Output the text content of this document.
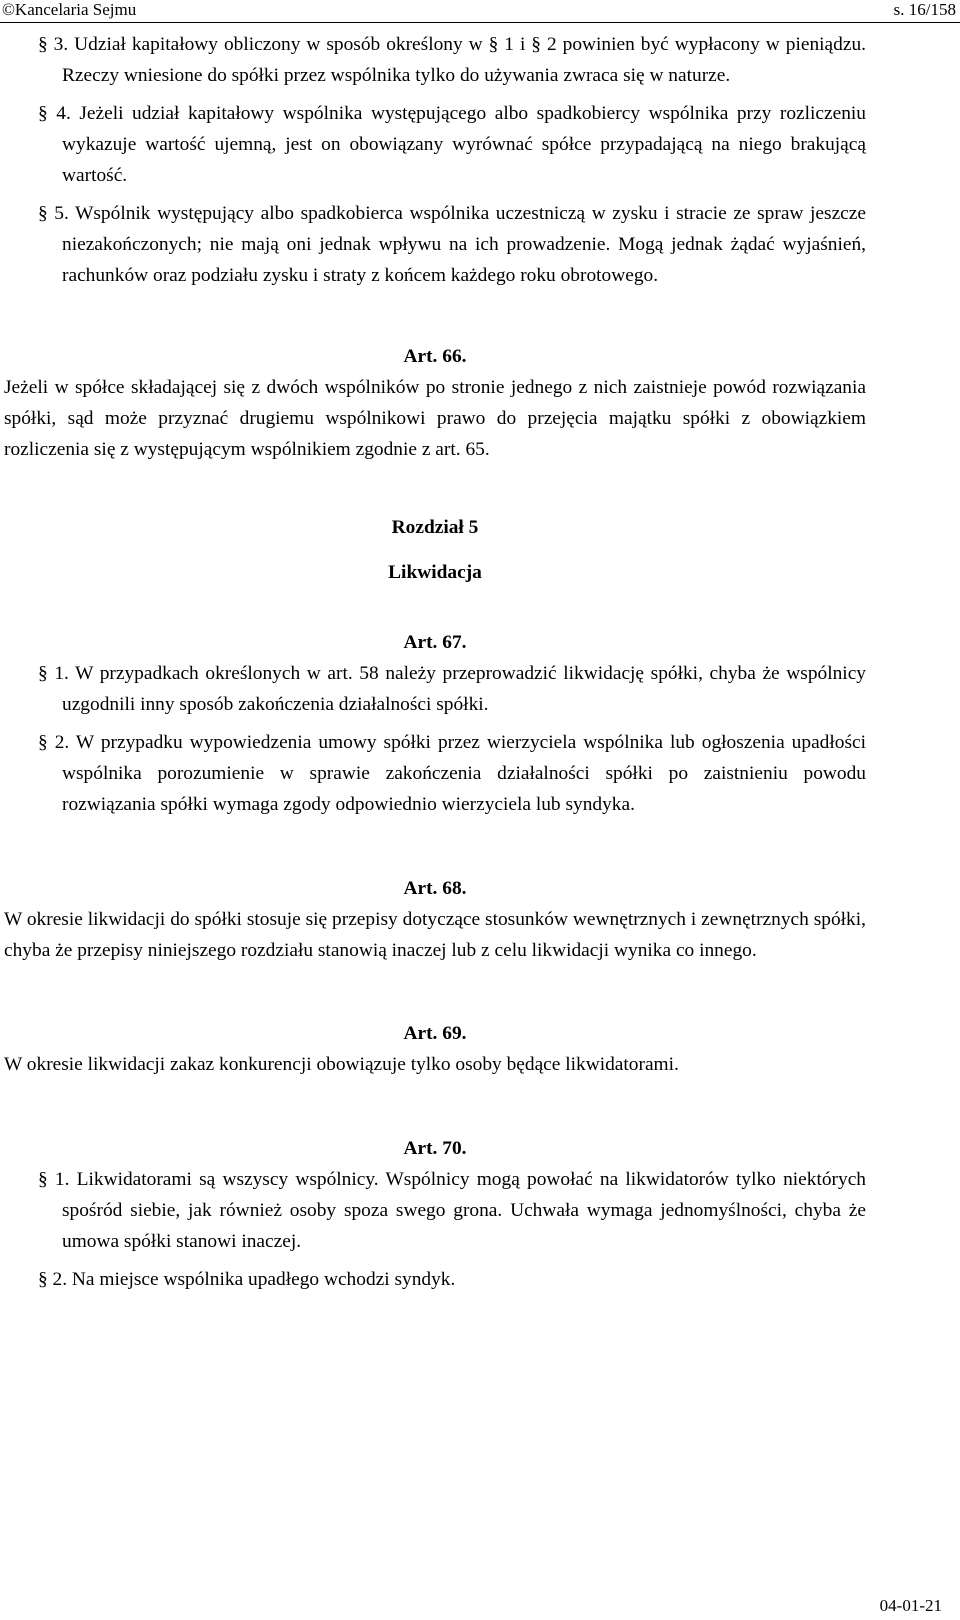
©Kancelaria Sejmu	s. 16/158

§ 3. Udział kapitałowy obliczony w sposób określony w § 1 i § 2 powinien być wypłacony w pieniądzu. Rzeczy wniesione do spółki przez wspólnika tylko do używania zwraca się w naturze.

§ 4. Jeżeli udział kapitałowy wspólnika występującego albo spadkobiercy wspólnika przy rozliczeniu wykazuje wartość ujemną, jest on obowiązany wyrównać spółce przypadającą na niego brakującą wartość.

§ 5. Wspólnik występujący albo spadkobierca wspólnika uczestniczą w zysku i stracie ze spraw jeszcze niezakończonych; nie mają oni jednak wpływu na ich prowadzenie. Mogą jednak żądać wyjaśnień, rachunków oraz podziału zysku i straty z końcem każdego roku obrotowego.

Art. 66.

Jeżeli w spółce składającej się z dwóch wspólników po stronie jednego z nich zaistnieje powód rozwiązania spółki, sąd może przyznać drugiemu wspólnikowi prawo do przejęcia majątku spółki z obowiązkiem rozliczenia się z występującym wspólnikiem zgodnie z art. 65.

Rozdział 5

Likwidacja

Art. 67.

§ 1. W przypadkach określonych w art. 58 należy przeprowadzić likwidację spółki, chyba że wspólnicy uzgodnili inny sposób zakończenia działalności spółki.

§ 2. W przypadku wypowiedzenia umowy spółki przez wierzyciela wspólnika lub ogłoszenia upadłości wspólnika porozumienie w sprawie zakończenia działalności spółki po zaistnieniu powodu rozwiązania spółki wymaga zgody odpowiednio wierzyciela lub syndyka.

Art. 68.

W okresie likwidacji do spółki stosuje się przepisy dotyczące stosunków wewnętrznych i zewnętrznych spółki, chyba że przepisy niniejszego rozdziału stanowią inaczej lub z celu likwidacji wynika co innego.

Art. 69.

W okresie likwidacji zakaz konkurencji obowiązuje tylko osoby będące likwidatorami.

Art. 70.

§ 1. Likwidatorami są wszyscy wspólnicy. Wspólnicy mogą powołać na likwidatorów tylko niektórych spośród siebie, jak również osoby spoza swego grona. Uchwała wymaga jednomyślności, chyba że umowa spółki stanowi inaczej.

§ 2. Na miejsce wspólnika upadłego wchodzi syndyk.

04-01-21
